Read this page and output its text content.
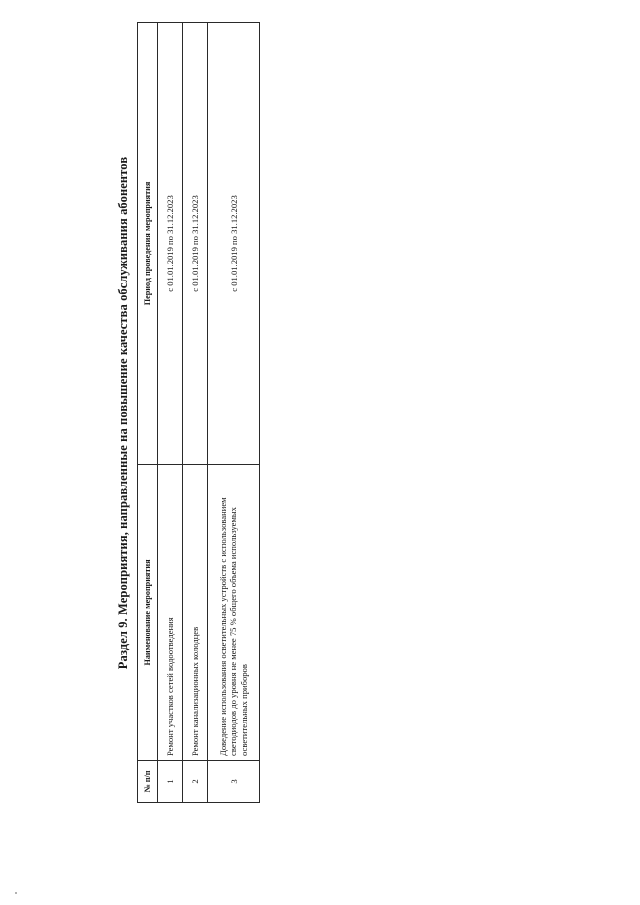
Раздел 9. Мероприятия, направленные на повышение качества обслуживания абонентов
№ п/п	Наименование мероприятия	Период проведения мероприятия
1	Ремонт участков сетей водоотведения	с 01.01.2019 по 31.12.2023
2	Ремонт канализационных колодцев	с 01.01.2019 по 31.12.2023
3	Доведение использования осветительных устройств с использованием светодиодов до уровня не менее 75 % общего объема используемых осветительных приборов	с 01.01.2019 по 31.12.2023
